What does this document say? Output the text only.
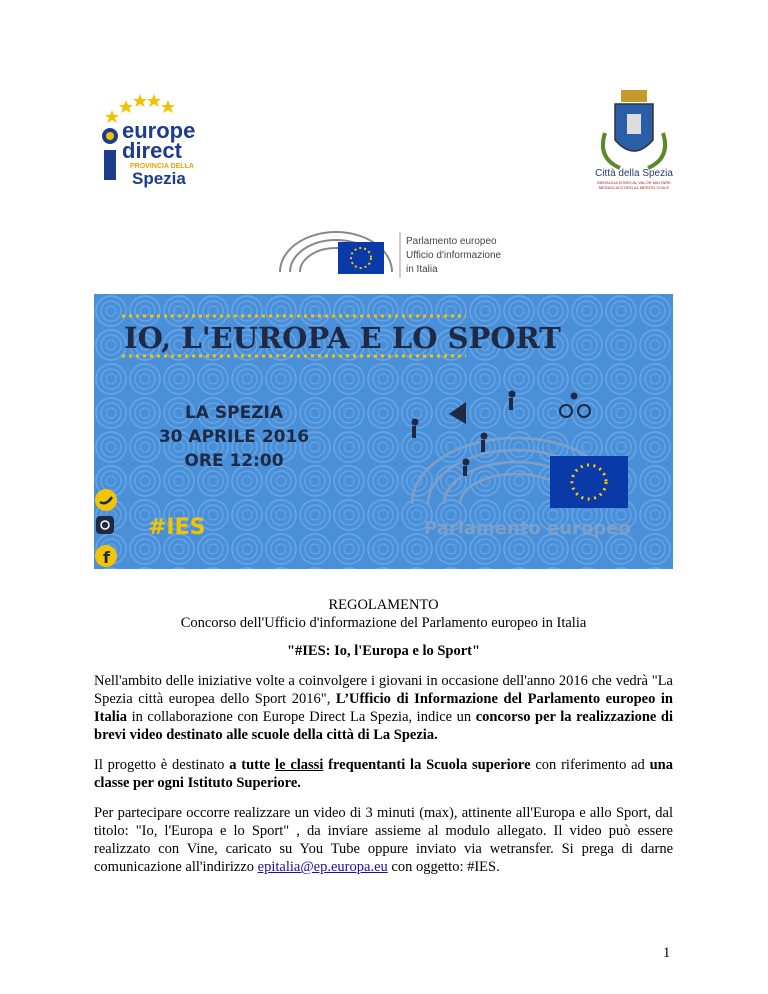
europe
direct
PROVINCIA DELLA
Spezia	Città della Spezia
MEDAGLIA D'ORO AL VALOR MILITARE
MEDAGLIA D'ORO AL MERITO CIVILE
Parlamento europeo
Ufficio d'informazione
in Italia
IO, L'EUROPA E LO SPORT
LA SPEZIA
30 APRILE 2016
ORE 12:00
#IES
f
Parlamento europeo

REGOLAMENTO

Concorso dell'Ufficio d'informazione del Parlamento europeo in Italia

"#IES: Io, l'Europa e lo Sport"

Nell'ambito delle iniziative volte a coinvolgere i giovani in occasione dell'anno 2016 che vedrà "La Spezia città europea dello Sport 2016", L’Ufficio di Informazione del Parlamento europeo in Italia in collaborazione con Europe Direct La Spezia, indice un concorso per la realizzazione di brevi video destinato alle scuole della città di La Spezia.

Il progetto è destinato a tutte le classi frequentanti la Scuola superiore con riferimento ad una classe per ogni Istituto Superiore.

Per partecipare occorre realizzare un video di 3 minuti (max), attinente all'Europa e allo Sport, dal titolo: "Io, l'Europa e lo Sport" , da inviare assieme al modulo allegato. Il video può essere realizzato con Vine, caricato su You Tube oppure inviato via wetransfer. Si prega di darne comunicazione all'indirizzo epitalia@ep.europa.eu con oggetto: #IES.

1
